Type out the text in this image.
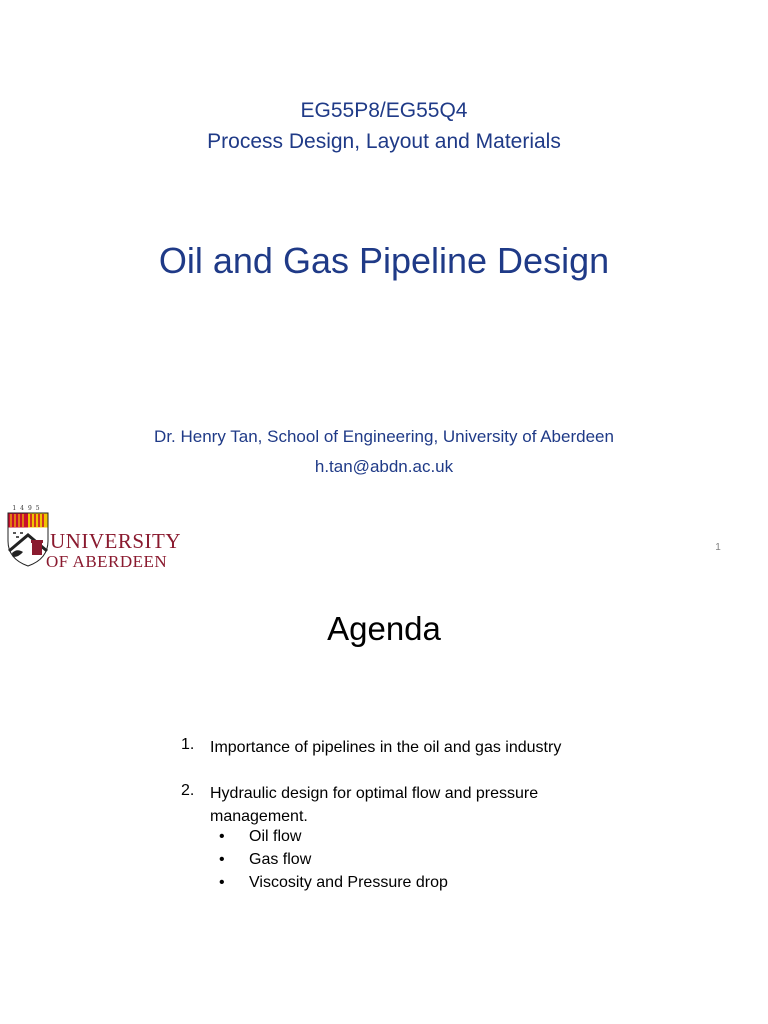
EG55P8/EG55Q4
Process Design, Layout and Materials
Oil and Gas Pipeline Design
Dr. Henry Tan, School of Engineering, University of Aberdeen
h.tan@abdn.ac.uk
1495
UNIVERSITY
OF ABERDEEN
1
Agenda
1. Importance of pipelines in the oil and gas industry
2. Hydraulic design for optimal flow and pressure management.
• Oil flow
• Gas flow
• Viscosity and Pressure drop
